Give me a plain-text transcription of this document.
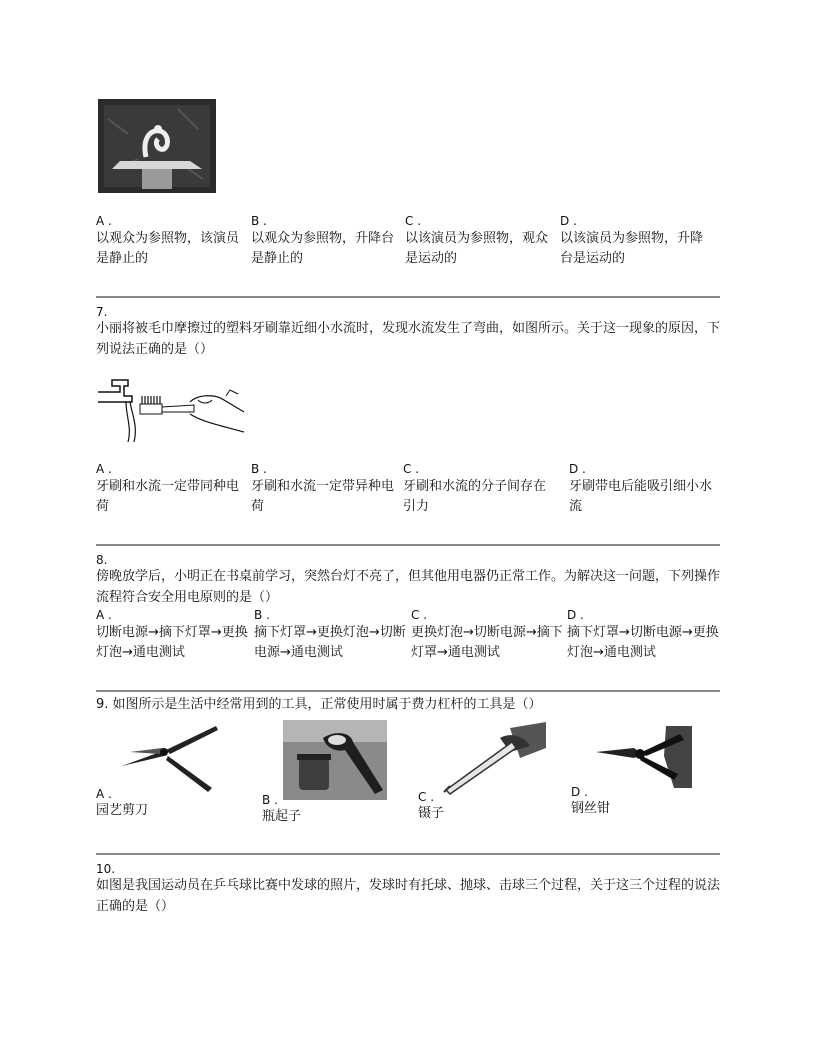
A .
以观众为参照物，该演员是静止的
B .
以观众为参照物，升降台是静止的
C .
以该演员为参照物，观众是运动的
D .
以该演员为参照物，升降台是运动的
7.
小丽将被毛巾摩擦过的塑料牙刷靠近细小水流时，发现水流发生了弯曲，如图所示。关于这一现象的原因，下列说法正确的是（）
A .
牙刷和水流一定带同种电荷
B .
牙刷和水流一定带异种电荷
C .
牙刷和水流的分子间存在引力
D .
牙刷带电后能吸引细小水流
8.
傍晚放学后，小明正在书桌前学习，突然台灯不亮了，但其他用电器仍正常工作。为解决这一问题，下列操作流程符合安全用电原则的是（）
A .
切断电源→摘下灯罩→更换灯泡→通电测试
B .
摘下灯罩→更换灯泡→切断电源→通电测试
C .
更换灯泡→切断电源→摘下灯罩→通电测试
D .
摘下灯罩→切断电源→更换灯泡→通电测试
9. 如图所示是生活中经常用到的工具，正常使用时属于费力杠杆的工具是（）
A .
园艺剪刀
B .
瓶起子
C .
镊子
D .
钢丝钳
10.
如图是我国运动员在乒乓球比赛中发球的照片，发球时有托球、抛球、击球三个过程，关于这三个过程的说法正确的是（）
